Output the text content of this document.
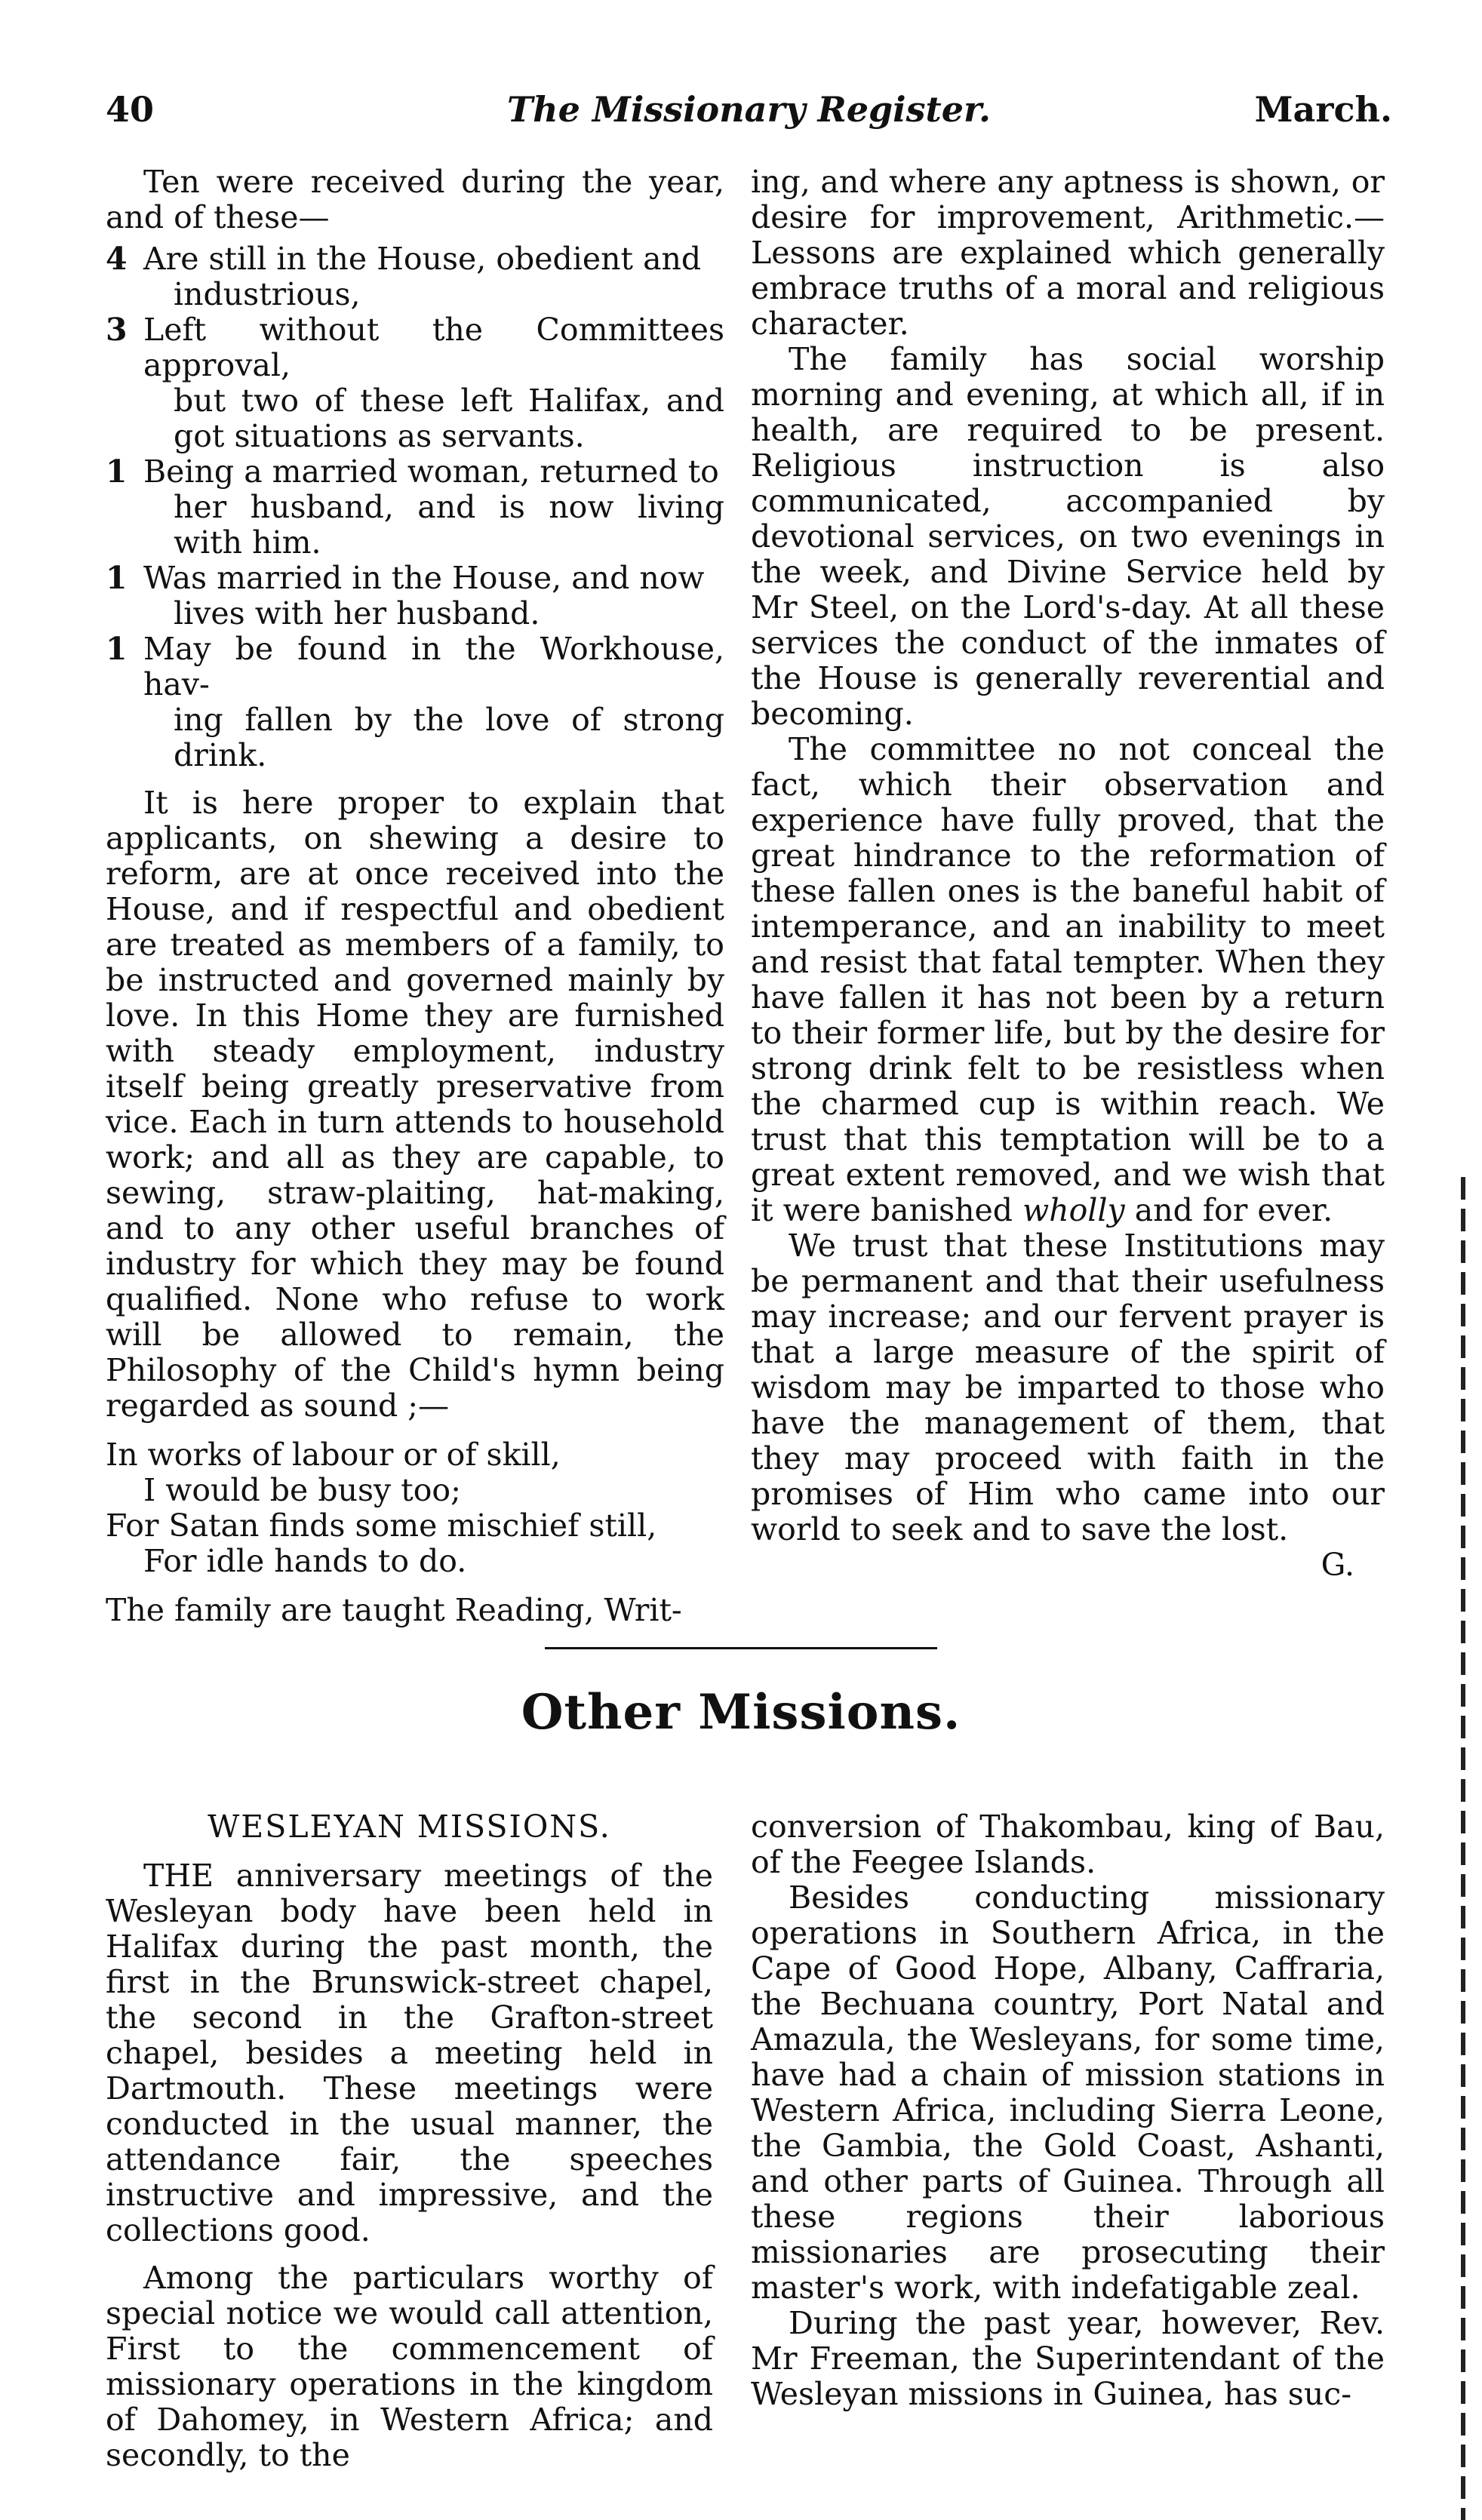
40	The Missionary Register.	March.

Ten were received during the year, and of these—

4 Are still in the House, obedient and
industrious,
3 Left without the Committees approval,
but two of these left Halifax, and got situations as servants.
1 Being a married woman, returned to
her husband, and is now living with him.
1 Was married in the House, and now
lives with her husband.
1 May be found in the Workhouse, hav-
ing fallen by the love of strong drink.

It is here proper to explain that applicants, on shewing a desire to reform, are at once received into the House, and if respectful and obedient are treated as members of a family, to be instructed and governed mainly by love. In this Home they are furnished with steady employment, industry itself being greatly preservative from vice. Each in turn attends to household work; and all as they are capable, to sewing, straw-plaiting, hat-making, and to any other useful branches of industry for which they may be found qualified. None who refuse to work will be allowed to remain, the Philosophy of the Child's hymn being regarded as sound ;—

In works of labour or of skill,
I would be busy too;
For Satan finds some mischief still,
For idle hands to do.

The family are taught Reading, Writ-

ing, and where any aptness is shown, or desire for improvement, Arithmetic.—Lessons are explained which generally embrace truths of a moral and religious character.

The family has social worship morning and evening, at which all, if in health, are required to be present. Religious instruction is also communicated, accompanied by devotional services, on two evenings in the week, and Divine Service held by Mr Steel, on the Lord's-day. At all these services the conduct of the inmates of the House is generally reverential and becoming.

The committee no not conceal the fact, which their observation and experience have fully proved, that the great hindrance to the reformation of these fallen ones is the baneful habit of intemperance, and an inability to meet and resist that fatal tempter. When they have fallen it has not been by a return to their former life, but by the desire for strong drink felt to be resistless when the charmed cup is within reach. We trust that this temptation will be to a great extent removed, and we wish that it were banished wholly and for ever.

We trust that these Institutions may be permanent and that their usefulness may increase; and our fervent prayer is that a large measure of the spirit of wisdom may be imparted to those who have the management of them, that they may proceed with faith in the promises of Him who came into our world to seek and to save the lost.
G.

Other Missions.
WESLEYAN MISSIONS.

THE anniversary meetings of the Wesleyan body have been held in Halifax during the past month, the first in the Brunswick-street chapel, the second in the Grafton-street chapel, besides a meeting held in Dartmouth. These meetings were conducted in the usual manner, the attendance fair, the speeches instructive and impressive, and the collections good.

Among the particulars worthy of special notice we would call attention, First to the commencement of missionary operations in the kingdom of Dahomey, in Western Africa; and secondly, to the

conversion of Thakombau, king of Bau, of the Feegee Islands.

Besides conducting missionary operations in Southern Africa, in the Cape of Good Hope, Albany, Caffraria, the Bechuana country, Port Natal and Amazula, the Wesleyans, for some time, have had a chain of mission stations in Western Africa, including Sierra Leone, the Gambia, the Gold Coast, Ashanti, and other parts of Guinea. Through all these regions their laborious missionaries are prosecuting their master's work, with indefatigable zeal.

During the past year, however, Rev. Mr Freeman, the Superintendant of the Wesleyan missions in Guinea, has suc-
